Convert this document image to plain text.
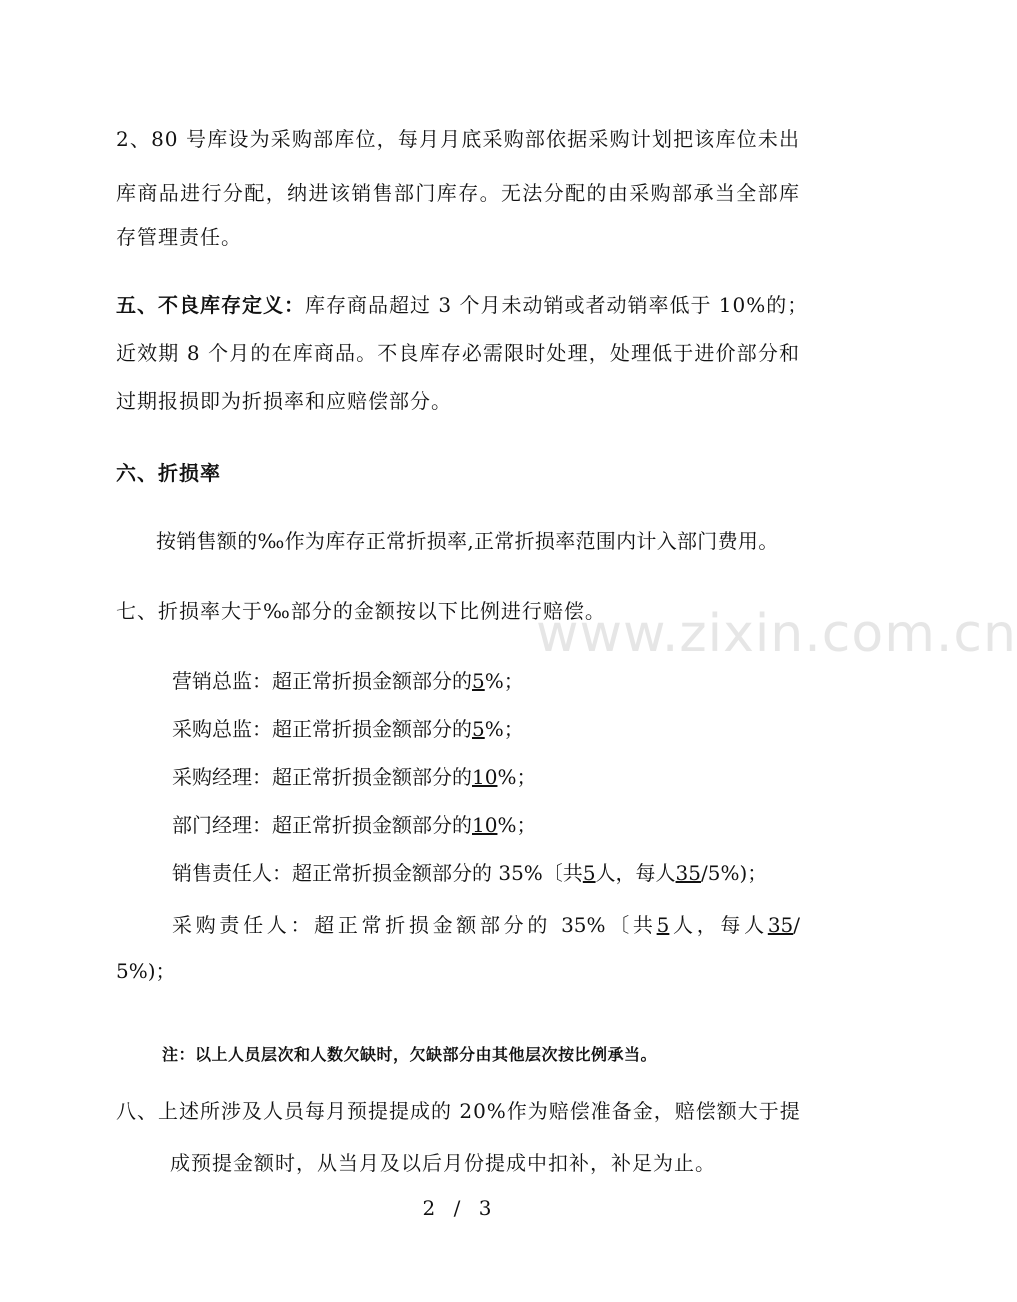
www.zixin.com.cn
2、80 号库设为采购部库位，每月月底采购部依据采购计划把该库位未出
库商品进行分配，纳进该销售部门库存。无法分配的由采购部承当全部库
存管理责任。
五、不良库存定义：库存商品超过 3 个月未动销或者动销率低于 10%的；
近效期 8 个月的在库商品。不良库存必需限时处理，处理低于进价部分和
过期报损即为折损率和应赔偿部分。
六、折损率
按销售额的‰作为库存正常折损率,正常折损率范围内计入部门费用。
七、折损率大于‰部分的金额按以下比例进行赔偿。
营销总监：超正常折损金额部分的5%；
采购总监：超正常折损金额部分的5%；
采购经理：超正常折损金额部分的10%；
部门经理：超正常折损金额部分的10%；
销售责任人：超正常折损金额部分的 35%〔共5人，每人35/5%)；
采购责任人：超正常折损金额部分的 35%〔共5人，每人35/
5%)；
注：以上人员层次和人数欠缺时，欠缺部分由其他层次按比例承当。
八、上述所涉及人员每月预提提成的 20%作为赔偿准备金，赔偿额大于提
成预提金额时，从当月及以后月份提成中扣补，补足为止。
2 / 3
